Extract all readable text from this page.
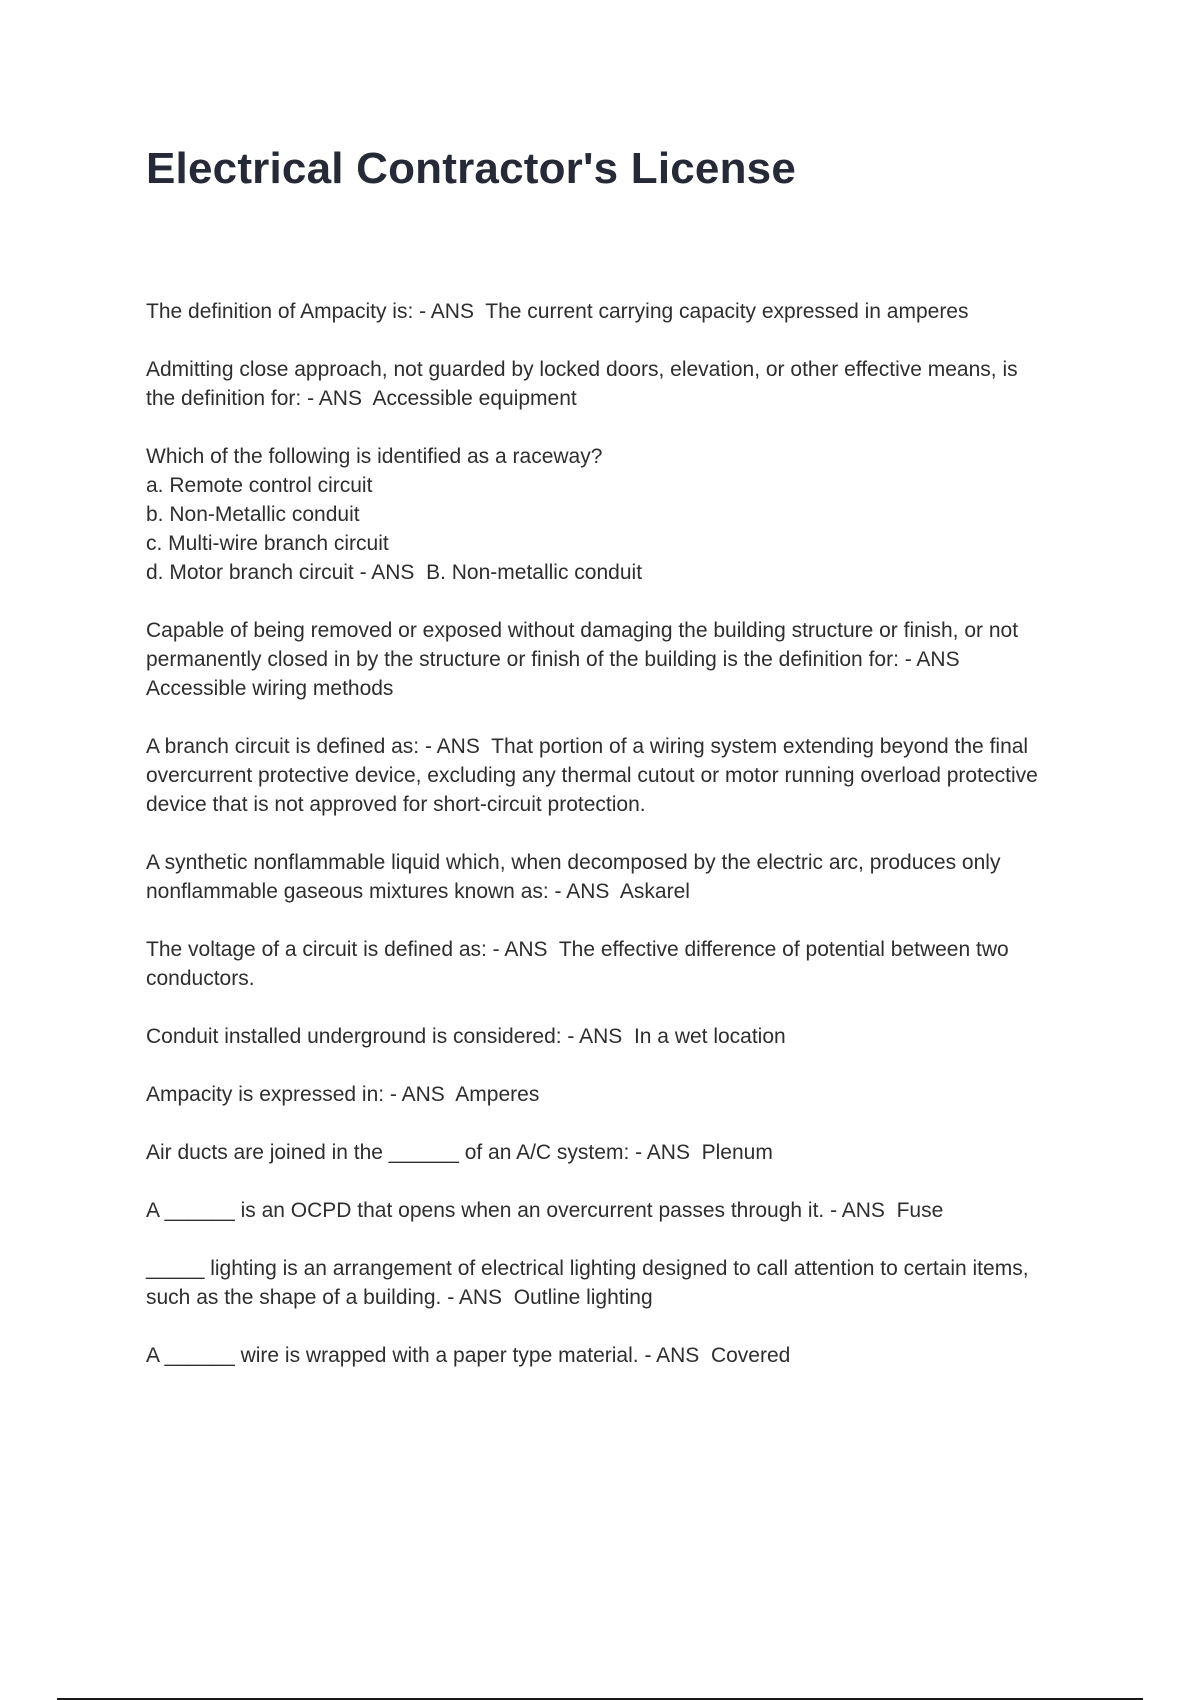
Electrical Contractor's License

The definition of Ampacity is: - ANS  The current carrying capacity expressed in amperes

Admitting close approach, not guarded by locked doors, elevation, or other effective means, is
the definition for: - ANS  Accessible equipment

Which of the following is identified as a raceway?
a. Remote control circuit
b. Non-Metallic conduit
c. Multi-wire branch circuit
d. Motor branch circuit - ANS  B. Non-metallic conduit

Capable of being removed or exposed without damaging the building structure or finish, or not
permanently closed in by the structure or finish of the building is the definition for: - ANS
Accessible wiring methods

A branch circuit is defined as: - ANS  That portion of a wiring system extending beyond the final
overcurrent protective device, excluding any thermal cutout or motor running overload protective
device that is not approved for short-circuit protection.

A synthetic nonflammable liquid which, when decomposed by the electric arc, produces only
nonflammable gaseous mixtures known as: - ANS  Askarel

The voltage of a circuit is defined as: - ANS  The effective difference of potential between two
conductors.

Conduit installed underground is considered: - ANS  In a wet location

Ampacity is expressed in: - ANS  Amperes

Air ducts are joined in the ______ of an A/C system: - ANS  Plenum

A ______ is an OCPD that opens when an overcurrent passes through it. - ANS  Fuse

_____ lighting is an arrangement of electrical lighting designed to call attention to certain items,
such as the shape of a building. - ANS  Outline lighting

A ______ wire is wrapped with a paper type material. - ANS  Covered
